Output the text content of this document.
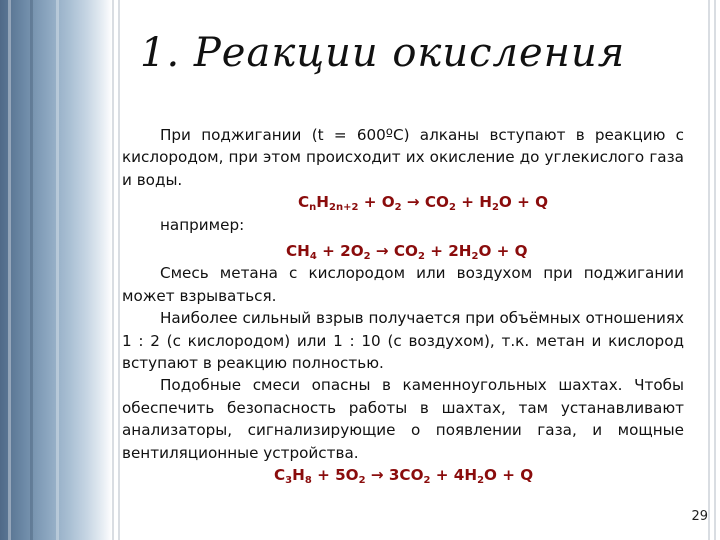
1. Реакции окисления

При поджигании (t = 600ºC) алканы вступают в реакцию с кислородом, при этом происходит их окисление до углекислого газа и воды.

$C_nH_{2n+2} + O_2 \to CO_2 + H_2O + Q$

например:

$CH_4 + 2O_2 \to CO_2 + 2H_2O + Q$

Смесь метана с кислородом или воздухом при поджигании может взрываться.

Наиболее сильный взрыв получается при объёмных отношениях 1 : 2 (с кислородом) или 1 : 10 (с воздухом), т.к. метан и кислород вступают в реакцию полностью.

Подобные смеси опасны в каменноугольных шахтах. Чтобы обеспечить безопасность работы в шахтах, там устанавливают анализаторы, сигнализирующие о появлении газа, и мощные вентиляционные устройства.

$C_3H_8 + 5O_2 \to 3CO_2 + 4H_2O + Q$

29
